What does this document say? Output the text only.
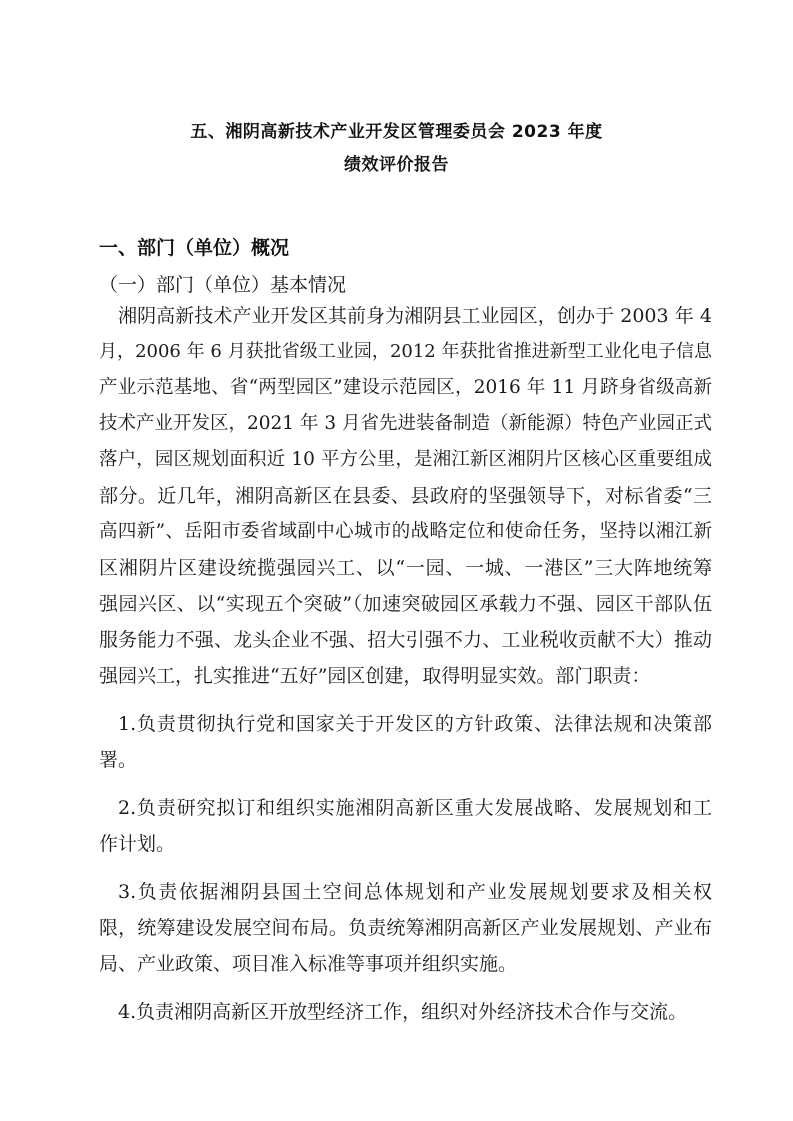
五、湘阴高新技术产业开发区管理委员会 2023 年度
绩效评价报告
一、部门（单位）概况
（一）部门（单位）基本情况
湘阴高新技术产业开发区其前身为湘阴县工业园区，创办于 2003 年 4
月，2006 年 6 月获批省级工业园，2012 年获批省推进新型工业化电子信息
产业示范基地、省“两型园区”建设示范园区，2016 年 11 月跻身省级高新
技术产业开发区，2021 年 3 月省先进装备制造（新能源）特色产业园正式
落户，园区规划面积近 10 平方公里，是湘江新区湘阴片区核心区重要组成
部分。近几年，湘阴高新区在县委、县政府的坚强领导下，对标省委“三
高四新”、岳阳市委省域副中心城市的战略定位和使命任务，坚持以湘江新
区湘阴片区建设统揽强园兴工、以“一园、一城、一港区”三大阵地统筹
强园兴区、以“实现五个突破”（加速突破园区承载力不强、园区干部队伍
服务能力不强、龙头企业不强、招大引强不力、工业税收贡献不大）推动
强园兴工，扎实推进“五好”园区创建，取得明显实效。部门职责：
1.负责贯彻执行党和国家关于开发区的方针政策、法律法规和决策部
署。
2.负责研究拟订和组织实施湘阴高新区重大发展战略、发展规划和工
作计划。
3.负责依据湘阴县国土空间总体规划和产业发展规划要求及相关权
限，统筹建设发展空间布局。负责统筹湘阴高新区产业发展规划、产业布
局、产业政策、项目准入标准等事项并组织实施。
4.负责湘阴高新区开放型经济工作，组织对外经济技术合作与交流。
